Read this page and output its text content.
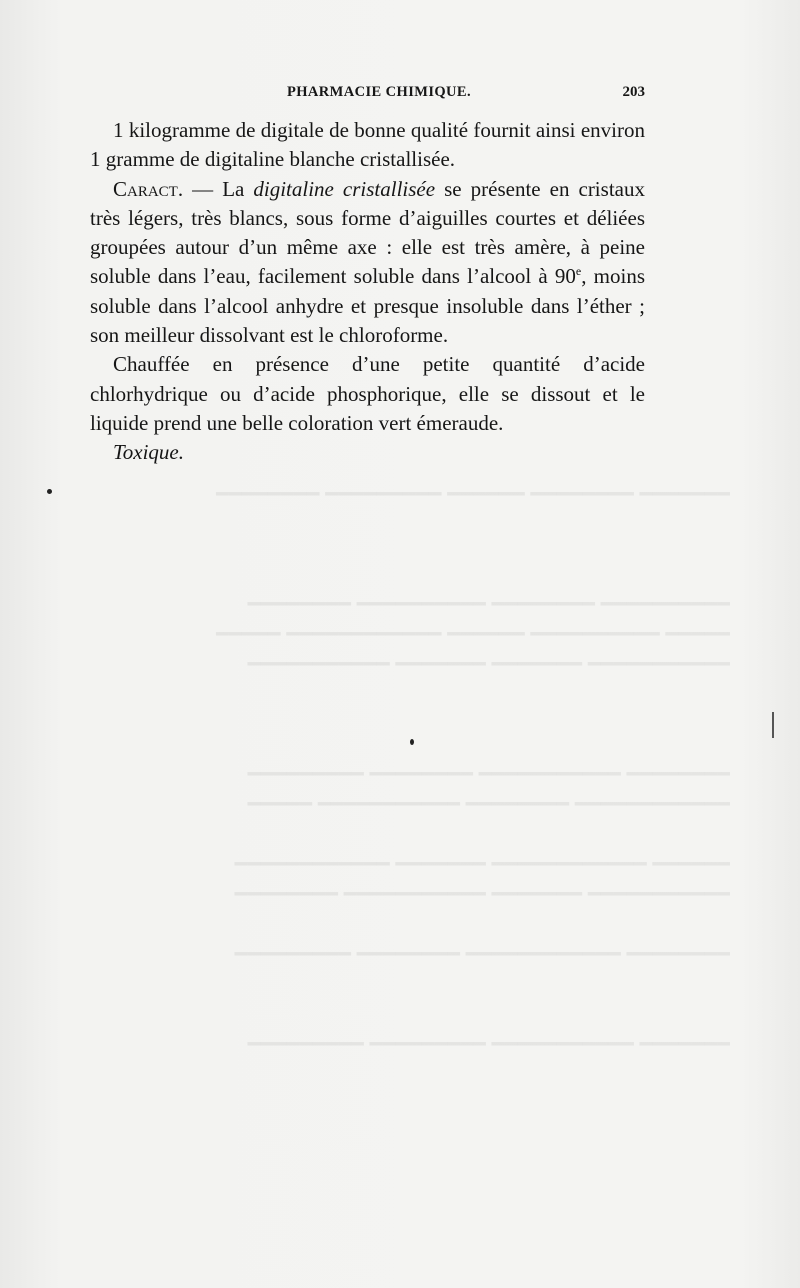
━━━━━━━ ━━━━━━━━ ━━━━━━ ━━━━━━━━━ ━━━━━━━━
━━━━━━━━━━ ━━━━━━━━ ━━━━━━━━━━ ━━━━━━━━
━━━━━ ━━━━━━━━━━ ━━━━━━ ━━━━━━━━━━━━ ━━━━━
━━━━━━━━━━━ ━━━━━━━ ━━━━━━━ ━━━━━━━━━━━
━━━━━━━━ ━━━━━━━━━━━ ━━━━━━━━ ━━━━━━━━━
━━━━━━━━━━━━ ━━━━━━━━ ━━━━━━━━━━━ ━━━━━
━━━━━━ ━━━━━━━━━━━━ ━━━━━━━ ━━━━━━━━━━━━
━━━━━━━━━━━ ━━━━━━━ ━━━━━━━━━━━ ━━━━━━━━
━━━━━━━━ ━━━━━━━━━━━━ ━━━━━━━━ ━━━━━━━━━
━━━━━━━ ━━━━━━━━━━━ ━━━━━━━━━ ━━━━━━━━━
PHARMACIE CHIMIQUE.	203

1 kilogramme de digitale de bonne qualité fournit ainsi environ 1 gramme de digitaline blanche cristallisée.

Caract. — La digitaline cristallisée se présente en cristaux très légers, très blancs, sous forme d’aiguilles courtes et déliées groupées autour d’un même axe : elle est très amère, à peine soluble dans l’eau, facilement soluble dans l’alcool à 90e, moins soluble dans l’alcool anhydre et presque insoluble dans l’éther ; son meilleur dissolvant est le chloroforme.

Chauffée en présence d’une petite quantité d’acide chlorhydrique ou d’acide phosphorique, elle se dissout et le liquide prend une belle coloration vert émeraude.

Toxique.
